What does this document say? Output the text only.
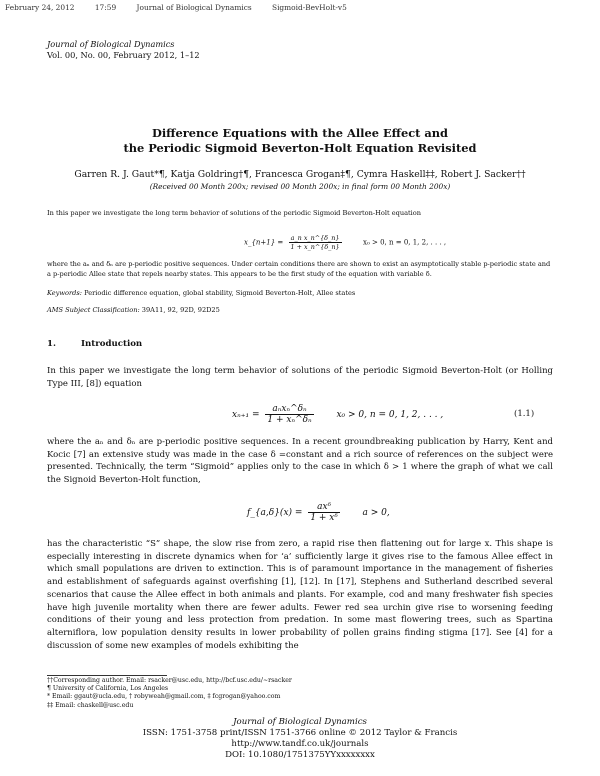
February 24, 2012	17:59	Journal of Biological Dynamics	Sigmoid-BevHolt-v5
Journal of Biological Dynamics
Vol. 00, No. 00, February 2012, 1–12
Difference Equations with the Allee Effect and
the Periodic Sigmoid Beverton-Holt Equation Revisited
Garren R. J. Gaut*¶, Katja Goldring†¶, Francesca Grogan‡¶, Cymra Haskell‡‡, Robert J. Sacker††
(Received 00 Month 200x; revised 00 Month 200x; in final form 00 Month 200x)
In this paper we investigate the long term behavior of solutions of the periodic Sigmoid Beverton-Holt equation
x_{n+1} = $\frac{\text{a\_n x\_n\textasciicircum{}\{δ\_n\}}}{1 + x\_n\^{}\{\delta\_n\}}$	x₀ > 0, n = 0, 1, 2, . . . ,
where the aₙ and δₙ are p-periodic positive sequences. Under certain conditions there are shown to exist an asymptotically stable p-periodic state and a p-periodic Allee state that repels nearby states. This appears to be the first study of the equation with variable δ.
Keywords: Periodic difference equation, global stability, Sigmoid Beverton-Holt, Allee states
AMS Subject Classification: 39A11, 92, 92D, 92D25
1.	Introduction
In this paper we investigate the long term behavior of solutions of the periodic Sigmoid Beverton-Holt (or Holling Type III, [8]) equation
$x_{n+1} = \frac{\text{aₙxₙ\textasciicircum{}δₙ}}{\text{1 + xₙ\textasciicircum{}δₙ}}$	x₀ > 0, n = 0, 1, 2, . . . ,	(1.1)
where the aₙ and δₙ are p-periodic positive sequences. In a recent groundbreaking publication by Harry, Kent and Kocic [7] an extensive study was made in the case δ =constant and a rich source of references on the subject were presented. Technically, the term “Sigmoid” applies only to the case in which δ > 1 where the graph of what we call the Signoid Beverton-Holt function,
f_{a,δ}(x) = $\frac{\text{axᵟ}}{\text{1 + xᵟ}}$	a > 0,
has the characteristic “S” shape, the slow rise from zero, a rapid rise then flattening out for large x. This shape is especially interesting in discrete dynamics when for ‘a’ sufficiently large it gives rise to the famous Allee effect in which small populations are driven to extinction. This is of paramount importance in the management of fisheries and establishment of safeguards against overfishing [1], [12]. In [17], Stephens and Sutherland described several scenarios that cause the Allee effect in both animals and plants. For example, cod and many freshwater fish species have high juvenile mortality when there are fewer adults. Fewer red sea urchin give rise to worsening feeding conditions of their young and less protection from predation. In some mast flowering trees, such as Spartina alterniflora, low population density results in lower probability of pollen grains finding stigma [17]. See [4] for a discussion of some new examples of models exhibiting the
††Corresponding author. Email: rsacker@usc.edu, http://bcf.usc.edu/∼rsacker
¶ University of California, Los Angeles
* Email: ggaut@ucla.edu, † robyweah@gmail.com, ‡ fcgrogan@yahoo.com
‡‡ Email: chaskell@usc.edu
Journal of Biological Dynamics
ISSN: 1751-3758 print/ISSN 1751-3766 online © 2012 Taylor & Francis
http://www.tandf.co.uk/journals
DOI: 10.1080/1751375YYxxxxxxxx
